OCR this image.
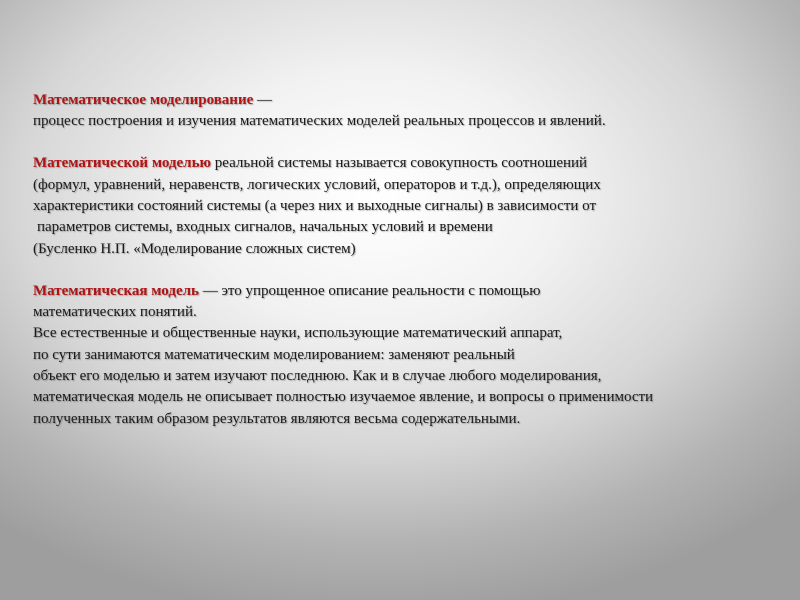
Математическое моделирование —
процесс построения и изучения математических моделей реальных процессов и явлений.
Математической моделью реальной системы называется совокупность соотношений
(формул, уравнений, неравенств, логических условий, операторов и т.д.), определяющих
характеристики состояний системы (а через них и выходные сигналы) в зависимости от
параметров системы, входных сигналов, начальных условий и времени
(Бусленко Н.П. «Моделирование сложных систем)
Математическая модель — это упрощенное описание реальности с помощью
математических понятий.
Все естественные и общественные науки, использующие математический аппарат,
по сути занимаются математическим моделированием: заменяют реальный
объект его моделью и затем изучают последнюю. Как и в случае любого моделирования,
математическая модель не описывает полностью изучаемое явление, и вопросы о применимости
полученных таким образом результатов являются весьма содержательными.
